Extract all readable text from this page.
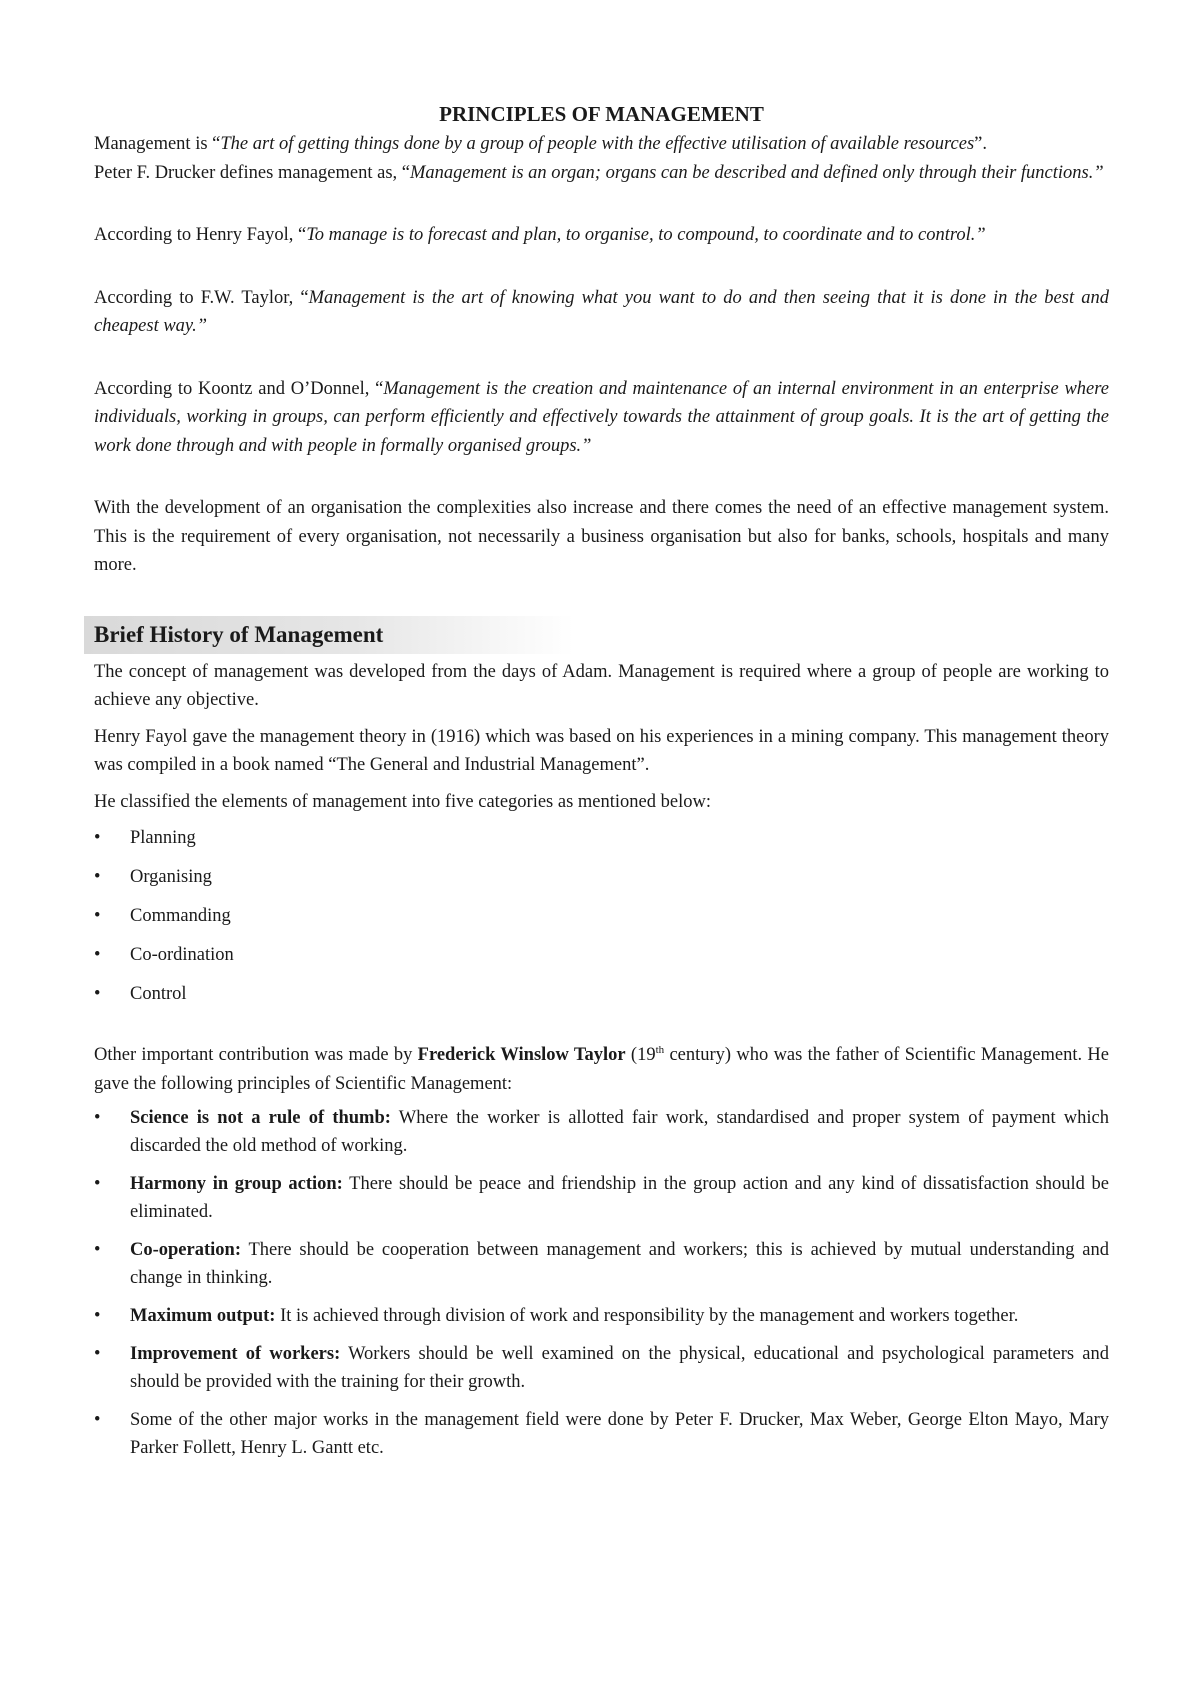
PRINCIPLES OF MANAGEMENT

Management is “The art of getting things done by a group of people with the effective utilisation of available resources”.

Peter F. Drucker defines management as, “Management is an organ; organs can be described and defined only through their functions.”

According to Henry Fayol, “To manage is to forecast and plan, to organise, to compound, to coordinate and to control.”

According to F.W. Taylor, “Management is the art of knowing what you want to do and then seeing that it is done in the best and cheapest way.”

According to Koontz and O’Donnel, “Management is the creation and maintenance of an internal environment in an enterprise where individuals, working in groups, can perform efficiently and effectively towards the attainment of group goals. It is the art of getting the work done through and with people in formally organised groups.”

With the development of an organisation the complexities also increase and there comes the need of an effective management system. This is the requirement of every organisation, not necessarily a business organisation but also for banks, schools, hospitals and many more.

Brief History of Management

The concept of management was developed from the days of Adam. Management is required where a group of people are working to achieve any objective.

Henry Fayol gave the management theory in (1916) which was based on his experiences in a mining company. This management theory was compiled in a book named “The General and Industrial Management”.

He classified the elements of management into five categories as mentioned below:

•	Planning
•	Organising
•	Commanding
•	Co-ordination
•	Control

Other important contribution was made by Frederick Winslow Taylor (19th century) who was the father of Scientific Management. He gave the following principles of Scientific Management:

•	Science is not a rule of thumb: Where the worker is allotted fair work, standardised and proper system of payment which discarded the old method of working.
•	Harmony in group action: There should be peace and friendship in the group action and any kind of dissatisfaction should be eliminated.
•	Co-operation: There should be cooperation between management and workers; this is achieved by mutual understanding and change in thinking.
•	Maximum output: It is achieved through division of work and responsibility by the management and workers together.
•	Improvement of workers: Workers should be well examined on the physical, educational and psychological parameters and should be provided with the training for their growth.
•	Some of the other major works in the management field were done by Peter F. Drucker, Max Weber, George Elton Mayo, Mary Parker Follett, Henry L. Gantt etc.
